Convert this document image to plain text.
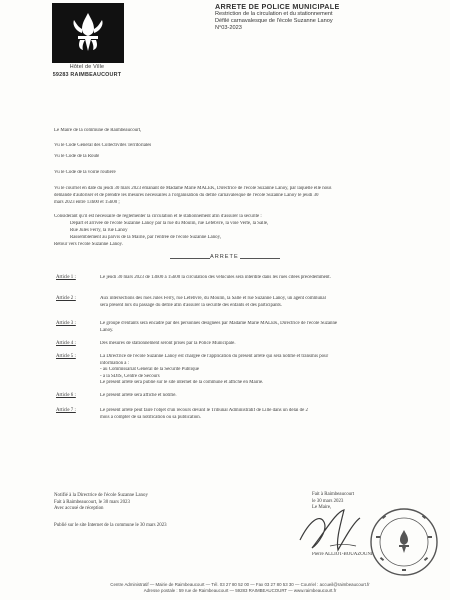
Hôtel de Ville
59283 RAIMBEAUCOURT
ARRETE DE POLICE MUNICIPALE
Restriction de la circulation et du stationnement
Défilé carnavalesque de l'école Suzanne Lanoy
N°03-2023
Le Maire de la commune de Raimbeaucourt,
Vu le Code Général des Collectivités Territoriales
Vu le Code de la Route
Vu le Code de la voirie routière
Vu le courriel en date du jeudi 30 mars 2023 émanant de Madame Marie MALEK, Directrice de l'école Suzanne Lanoy, par laquelle elle nous
demande d'autoriser et de prendre les mesures nécessaires à l'organisation du défilé carnavalesque de l'école Suzanne Lanoy le jeudi 30
mars 2023 entre 13h00 et 15h00 ;
Considérant qu'il est nécessaire de réglementer la circulation et le stationnement afin d'assurer la sécurité :
Départ et arrivée de l'école Suzanne Lanoy par la rue du Moulin, rue Lefebvre, la voie Verte, la Salle,
Rue Jules Ferry, la rue Lanoy
Rassemblement au parvis de la Mairie, par l'entrée de l'école Suzanne Lanoy,
Retour vers l'école Suzanne Lanoy.
ARRETE
Article 1 :	Le jeudi 30 mars 2023 de 13h00 à 15h00 la circulation des véhicules sera interdite dans les rues citées précédemment.
Article 2 :	Aux intersections des rues Jules Ferry, rue Lefebvre, du Moulin, la Salle et rue Suzanne Lanoy, un agent communal
sera présent lors du passage du défilé afin d'assurer la sécurité des enfants et des participants.
Article 3 :	Le groupe d'enfants sera encadré par des personnes désignées par Madame Marie MALEK, Directrice de l'école Suzanne
Lanoy.
Article 4 :	Des mesures de stationnement seront prises par la Police Municipale.
Article 5 :	La Directrice de l'école Suzanne Lanoy est chargée de l'application du présent arrêté qui sera notifié et transmis pour
information à :
- au Commissariat Général de la Sécurité Publique
- à la SDIS, Centre de Secours
Le présent arrêté sera publié sur le site internet de la commune et affiché en Mairie.
Article 6 :	Le présent arrêté sera affiché et notifié.
Article 7 :	Le présent arrêté peut faire l'objet d'un recours devant le Tribunal Administratif de Lille dans un délai de 2
mois à compter de sa notification ou sa publication.
Notifié à la Directrice de l'école Suzanne Lanoy
Fait à Raimbeaucourt, le 30 mars 2023
Avec accusé de réception
Publié sur le site Internet de la commune le 30 mars 2023
Fait à Raimbeaucourt
le 30 mars 2023
Le Maire,
Pierre ALLIOT-BOUAZOUNI
Centre Administratif — Mairie de Raimbeaucourt — Tél. 03 27 80 52 00 — Fax 03 27 80 53 30 — Courriel : accueil@raimbeaucourt.fr
Adresse postale : 59 rue de Raimbeaucourt — 59283 RAIMBEAUCOURT — www.raimbeaucourt.fr
